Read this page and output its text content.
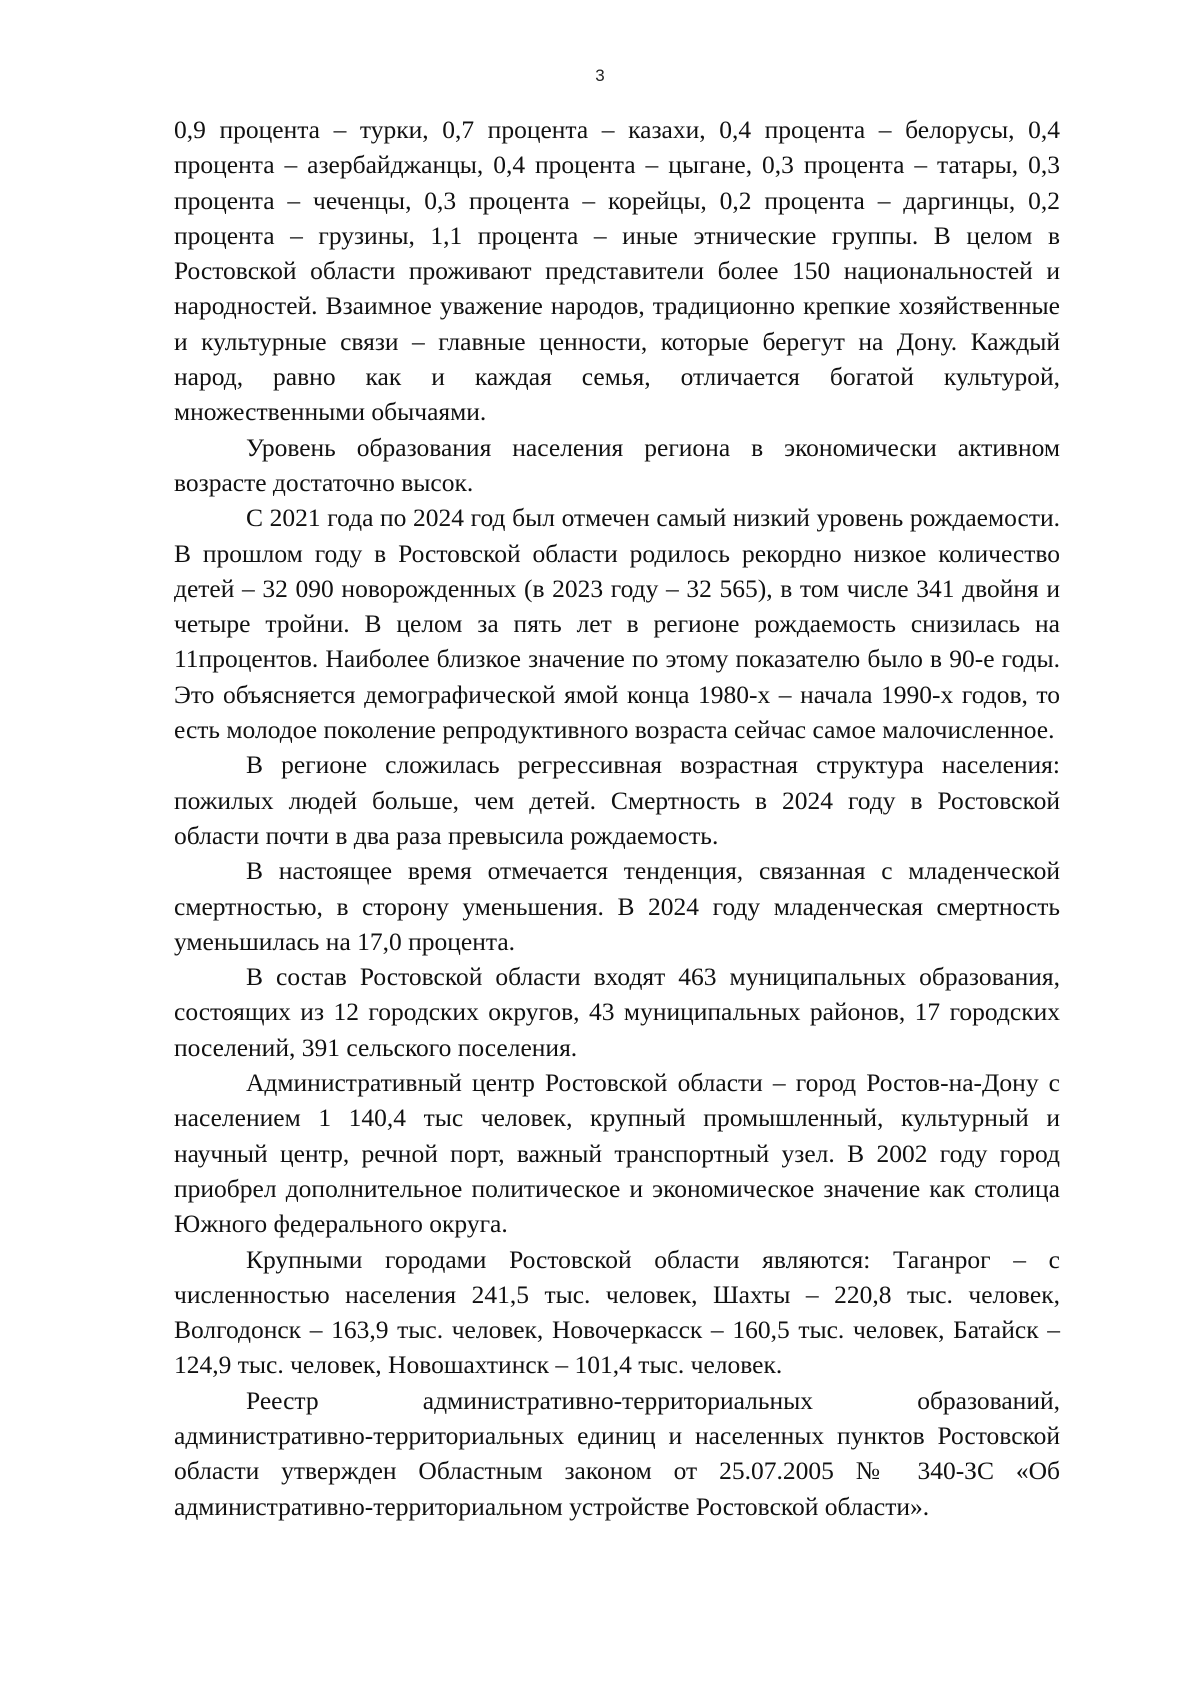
3

0,9 процента – турки, 0,7 процента – казахи, 0,4 процента – белорусы, 0,4 процента – азербайджанцы, 0,4 процента – цыгане, 0,3 процента – татары, 0,3 процента – чеченцы, 0,3 процента – корейцы, 0,2 процента – даргинцы, 0,2 процента – грузины, 1,1 процента – иные этнические группы. В целом в Ростовской области проживают представители более 150 национальностей и народностей. Взаимное уважение народов, традиционно крепкие хозяйственные и культурные связи – главные ценности, которые берегут на Дону. Каждый народ, равно как и каждая семья, отличается богатой культурой, множественными обычаями.

Уровень образования населения региона в экономически активном возрасте достаточно высок.

С 2021 года по 2024 год был отмечен самый низкий уровень рождаемости. В прошлом году в Ростовской области родилось рекордно низкое количество детей – 32 090 новорожденных (в 2023 году – 32 565), в том числе 341 двойня и четыре тройни. В целом за пять лет в регионе рождаемость снизилась на 11процентов. Наиболее близкое значение по этому показателю было в 90-е годы. Это объясняется демографической ямой конца 1980-х – начала 1990-х годов, то есть молодое поколение репродуктивного возраста сейчас самое малочисленное.

В регионе сложилась регрессивная возрастная структура населения: пожилых людей больше, чем детей. Смертность в 2024 году в Ростовской области почти в два раза превысила рождаемость.

В настоящее время отмечается тенденция, связанная с младенческой смертностью, в сторону уменьшения. В 2024 году младенческая смертность уменьшилась на 17,0 процента.

В состав Ростовской области входят 463 муниципальных образования, состоящих из 12 городских округов, 43 муниципальных районов, 17 городских поселений, 391 сельского поселения.

Административный центр Ростовской области – город Ростов-на-Дону с населением 1 140,4 тыс человек, крупный промышленный, культурный и научный центр, речной порт, важный транспортный узел. В 2002 году город приобрел дополнительное политическое и экономическое значение как столица Южного федерального округа.

Крупными городами Ростовской области являются: Таганрог – с численностью населения 241,5 тыс. человек, Шахты – 220,8 тыс. человек, Волгодонск – 163,9 тыс. человек, Новочеркасск – 160,5 тыс. человек, Батайск – 124,9 тыс. человек, Новошахтинск – 101,4 тыс. человек.

Реестр административно-территориальных образований, административно-территориальных единиц и населенных пунктов Ростовской области утвержден Областным законом от 25.07.2005 № 340-ЗС «Об административно-территориальном устройстве Ростовской области».
